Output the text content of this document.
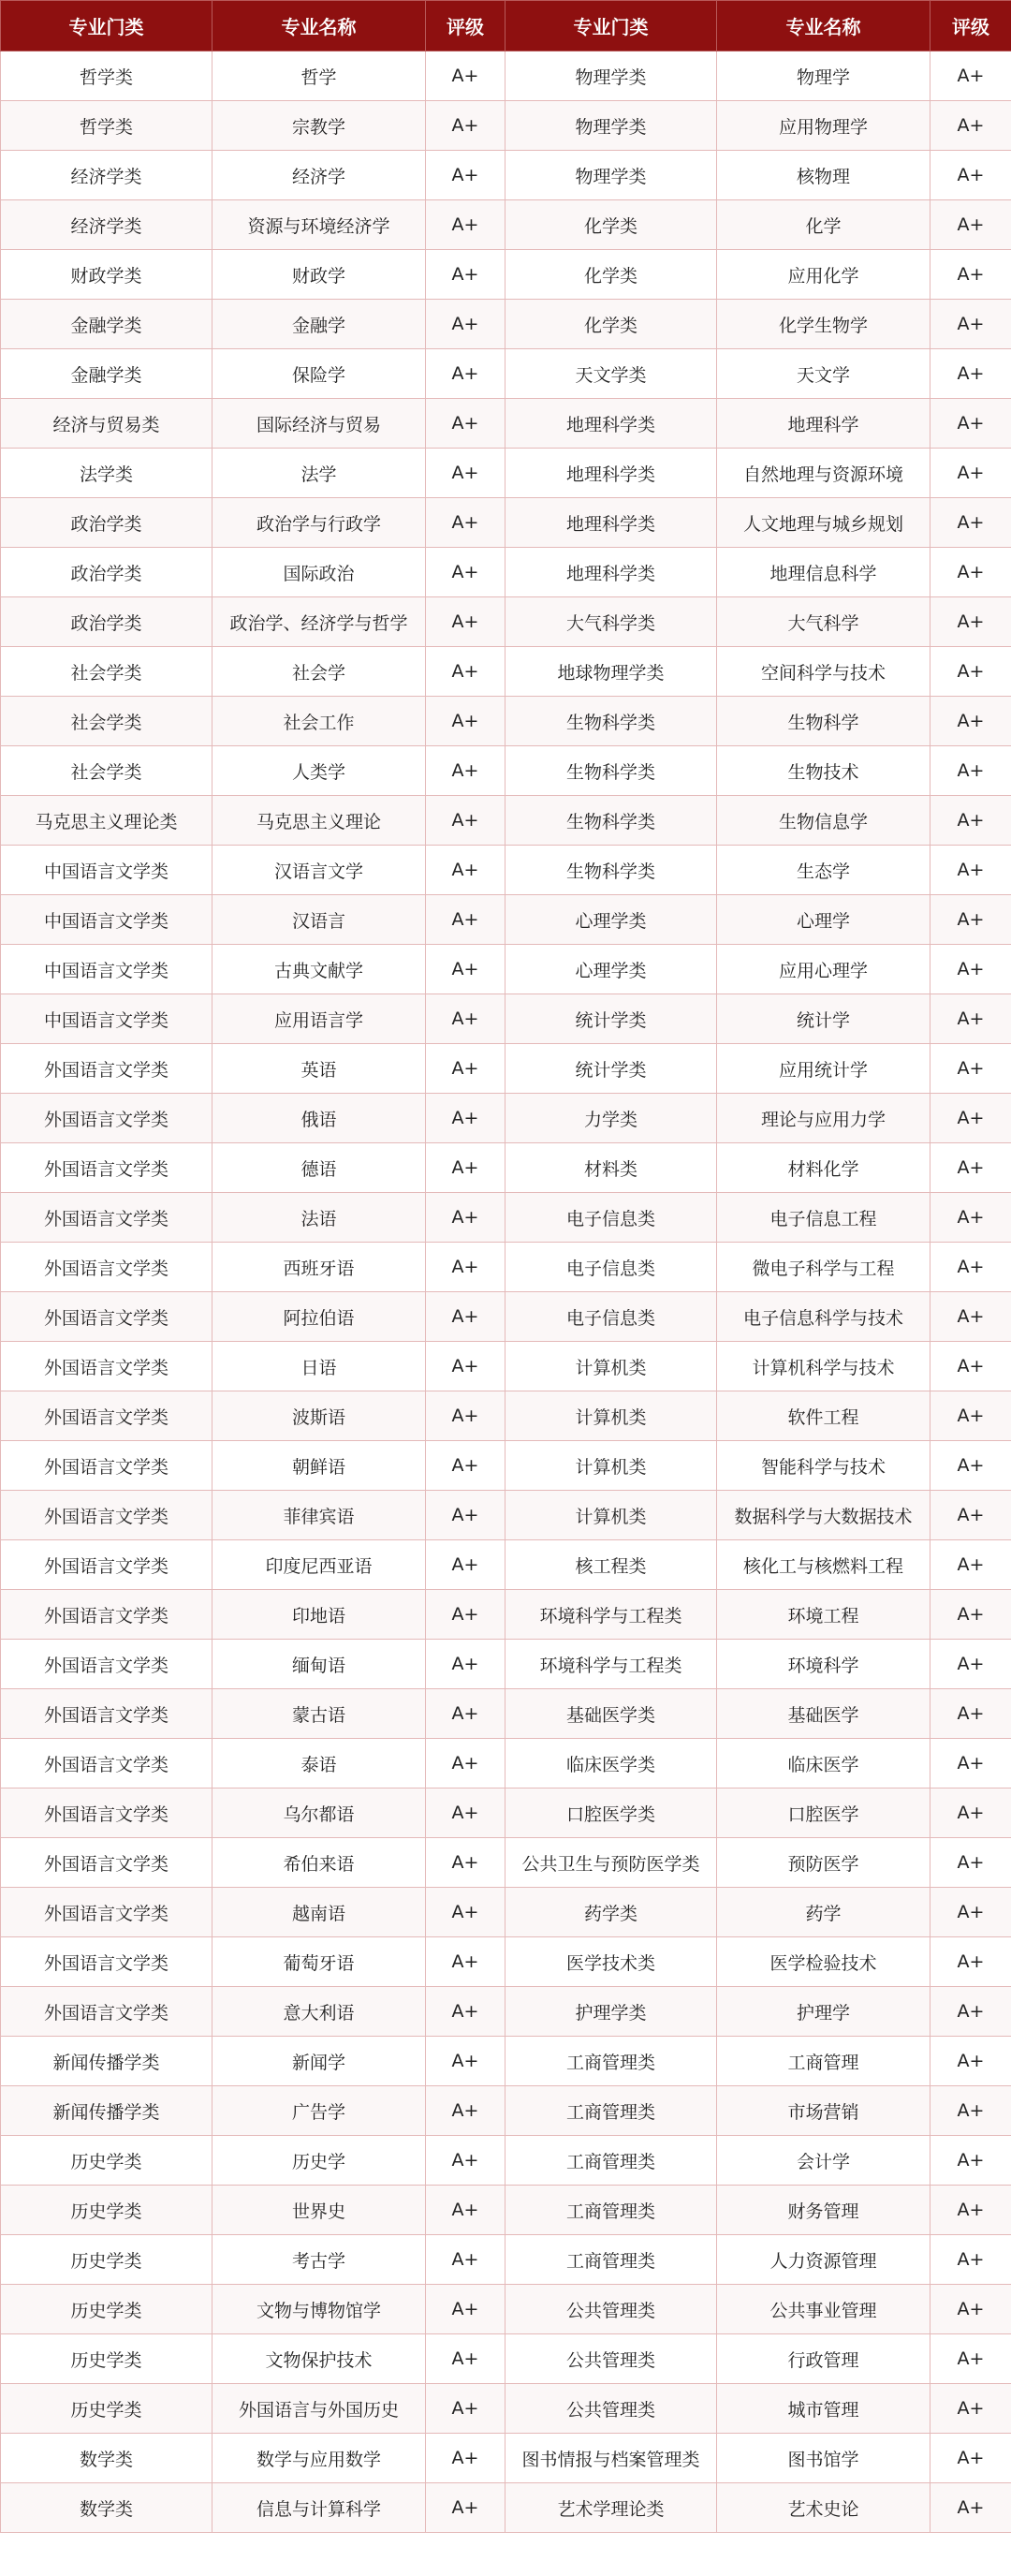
专业门类	专业名称	评级	专业门类	专业名称	评级
哲学类	哲学	A+	物理学类	物理学	A+
哲学类	宗教学	A+	物理学类	应用物理学	A+
经济学类	经济学	A+	物理学类	核物理	A+
经济学类	资源与环境经济学	A+	化学类	化学	A+
财政学类	财政学	A+	化学类	应用化学	A+
金融学类	金融学	A+	化学类	化学生物学	A+
金融学类	保险学	A+	天文学类	天文学	A+
经济与贸易类	国际经济与贸易	A+	地理科学类	地理科学	A+
法学类	法学	A+	地理科学类	自然地理与资源环境	A+
政治学类	政治学与行政学	A+	地理科学类	人文地理与城乡规划	A+
政治学类	国际政治	A+	地理科学类	地理信息科学	A+
政治学类	政治学、经济学与哲学	A+	大气科学类	大气科学	A+
社会学类	社会学	A+	地球物理学类	空间科学与技术	A+
社会学类	社会工作	A+	生物科学类	生物科学	A+
社会学类	人类学	A+	生物科学类	生物技术	A+
马克思主义理论类	马克思主义理论	A+	生物科学类	生物信息学	A+
中国语言文学类	汉语言文学	A+	生物科学类	生态学	A+
中国语言文学类	汉语言	A+	心理学类	心理学	A+
中国语言文学类	古典文献学	A+	心理学类	应用心理学	A+
中国语言文学类	应用语言学	A+	统计学类	统计学	A+
外国语言文学类	英语	A+	统计学类	应用统计学	A+
外国语言文学类	俄语	A+	力学类	理论与应用力学	A+
外国语言文学类	德语	A+	材料类	材料化学	A+
外国语言文学类	法语	A+	电子信息类	电子信息工程	A+
外国语言文学类	西班牙语	A+	电子信息类	微电子科学与工程	A+
外国语言文学类	阿拉伯语	A+	电子信息类	电子信息科学与技术	A+
外国语言文学类	日语	A+	计算机类	计算机科学与技术	A+
外国语言文学类	波斯语	A+	计算机类	软件工程	A+
外国语言文学类	朝鲜语	A+	计算机类	智能科学与技术	A+
外国语言文学类	菲律宾语	A+	计算机类	数据科学与大数据技术	A+
外国语言文学类	印度尼西亚语	A+	核工程类	核化工与核燃料工程	A+
外国语言文学类	印地语	A+	环境科学与工程类	环境工程	A+
外国语言文学类	缅甸语	A+	环境科学与工程类	环境科学	A+
外国语言文学类	蒙古语	A+	基础医学类	基础医学	A+
外国语言文学类	泰语	A+	临床医学类	临床医学	A+
外国语言文学类	乌尔都语	A+	口腔医学类	口腔医学	A+
外国语言文学类	希伯来语	A+	公共卫生与预防医学类	预防医学	A+
外国语言文学类	越南语	A+	药学类	药学	A+
外国语言文学类	葡萄牙语	A+	医学技术类	医学检验技术	A+
外国语言文学类	意大利语	A+	护理学类	护理学	A+
新闻传播学类	新闻学	A+	工商管理类	工商管理	A+
新闻传播学类	广告学	A+	工商管理类	市场营销	A+
历史学类	历史学	A+	工商管理类	会计学	A+
历史学类	世界史	A+	工商管理类	财务管理	A+
历史学类	考古学	A+	工商管理类	人力资源管理	A+
历史学类	文物与博物馆学	A+	公共管理类	公共事业管理	A+
历史学类	文物保护技术	A+	公共管理类	行政管理	A+
历史学类	外国语言与外国历史	A+	公共管理类	城市管理	A+
数学类	数学与应用数学	A+	图书情报与档案管理类	图书馆学	A+
数学类	信息与计算科学	A+	艺术学理论类	艺术史论	A+
